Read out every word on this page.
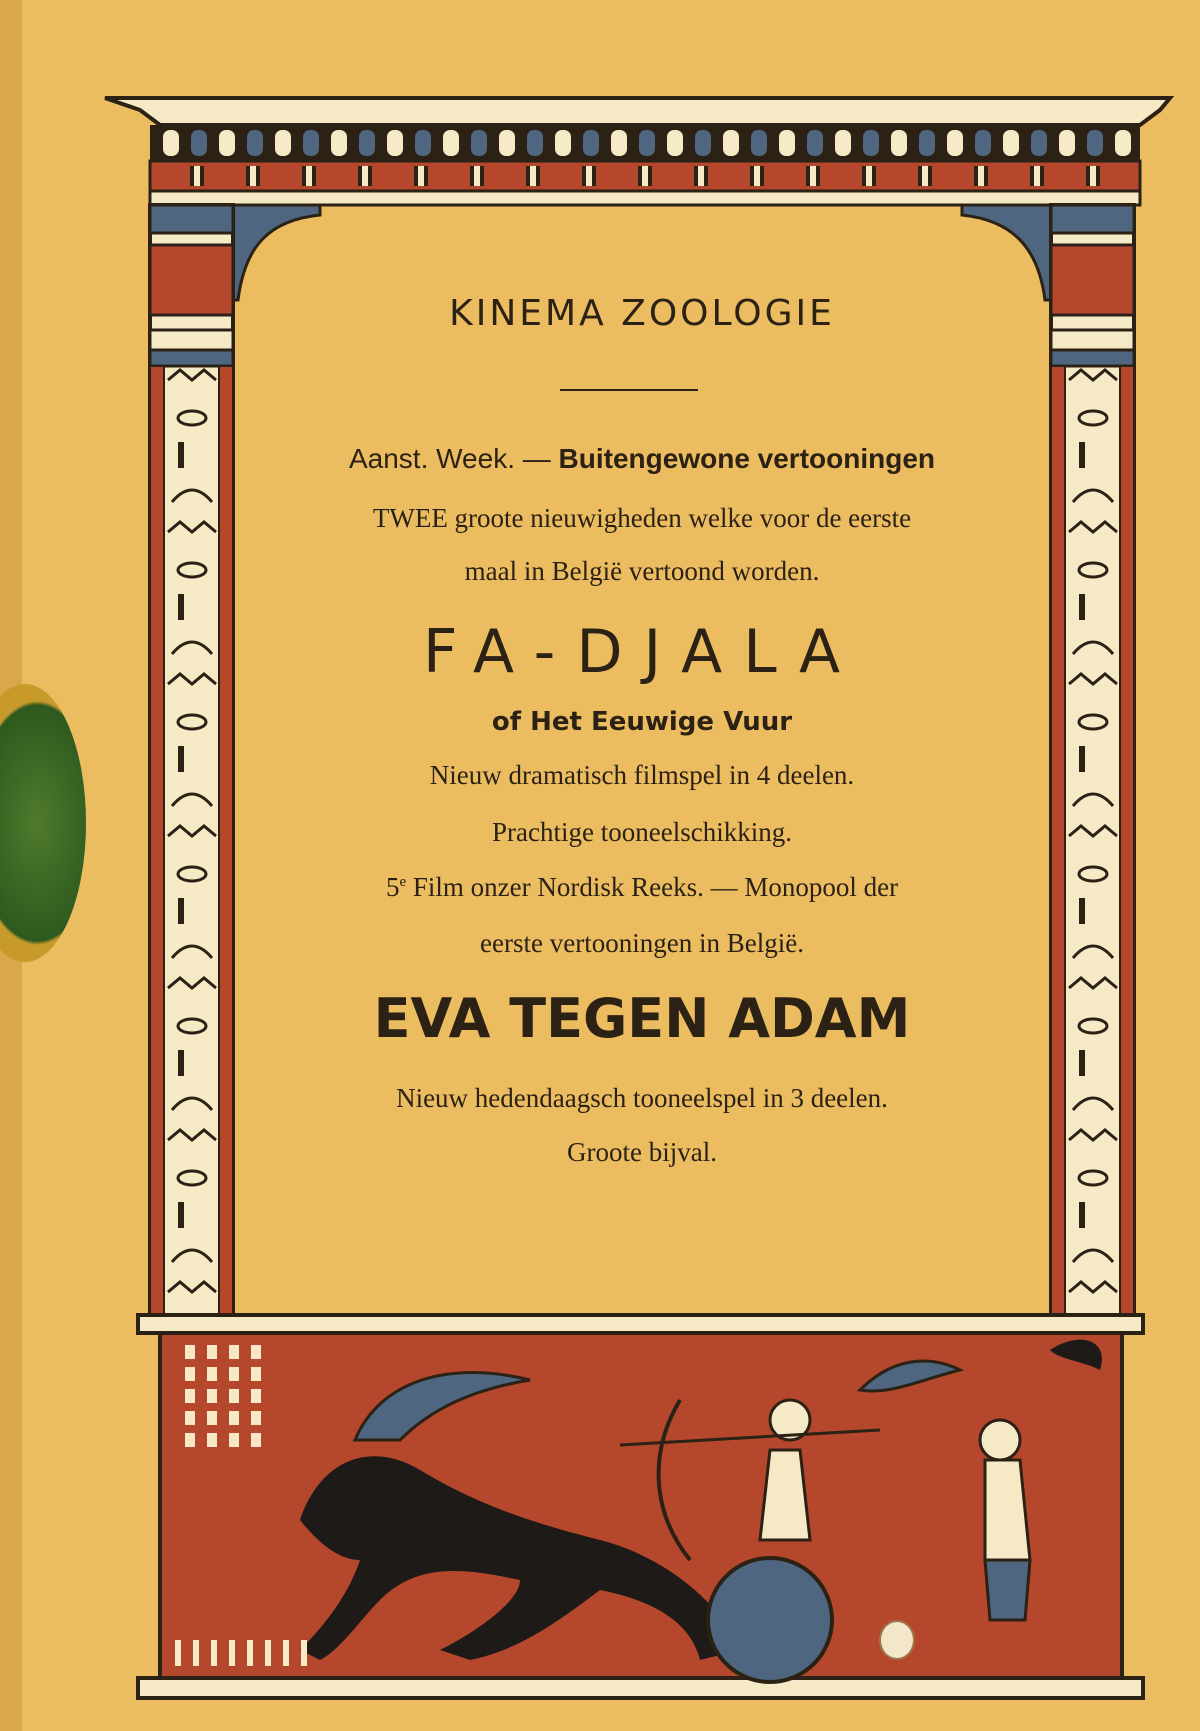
KINEMA ZOOLOGIE
Aanst. Week. — Buitengewone vertooningen
TWEE groote nieuwigheden welke voor de eerste
maal in België vertoond worden.
FA-DJALA
of Het Eeuwige Vuur
Nieuw dramatisch filmspel in 4 deelen.
Prachtige tooneelschikking.
5e Film onzer Nordisk Reeks. — Monopool der
eerste vertooningen in België.
EVA TEGEN ADAM
Nieuw hedendaagsch tooneelspel in 3 deelen.
Groote bijval.
